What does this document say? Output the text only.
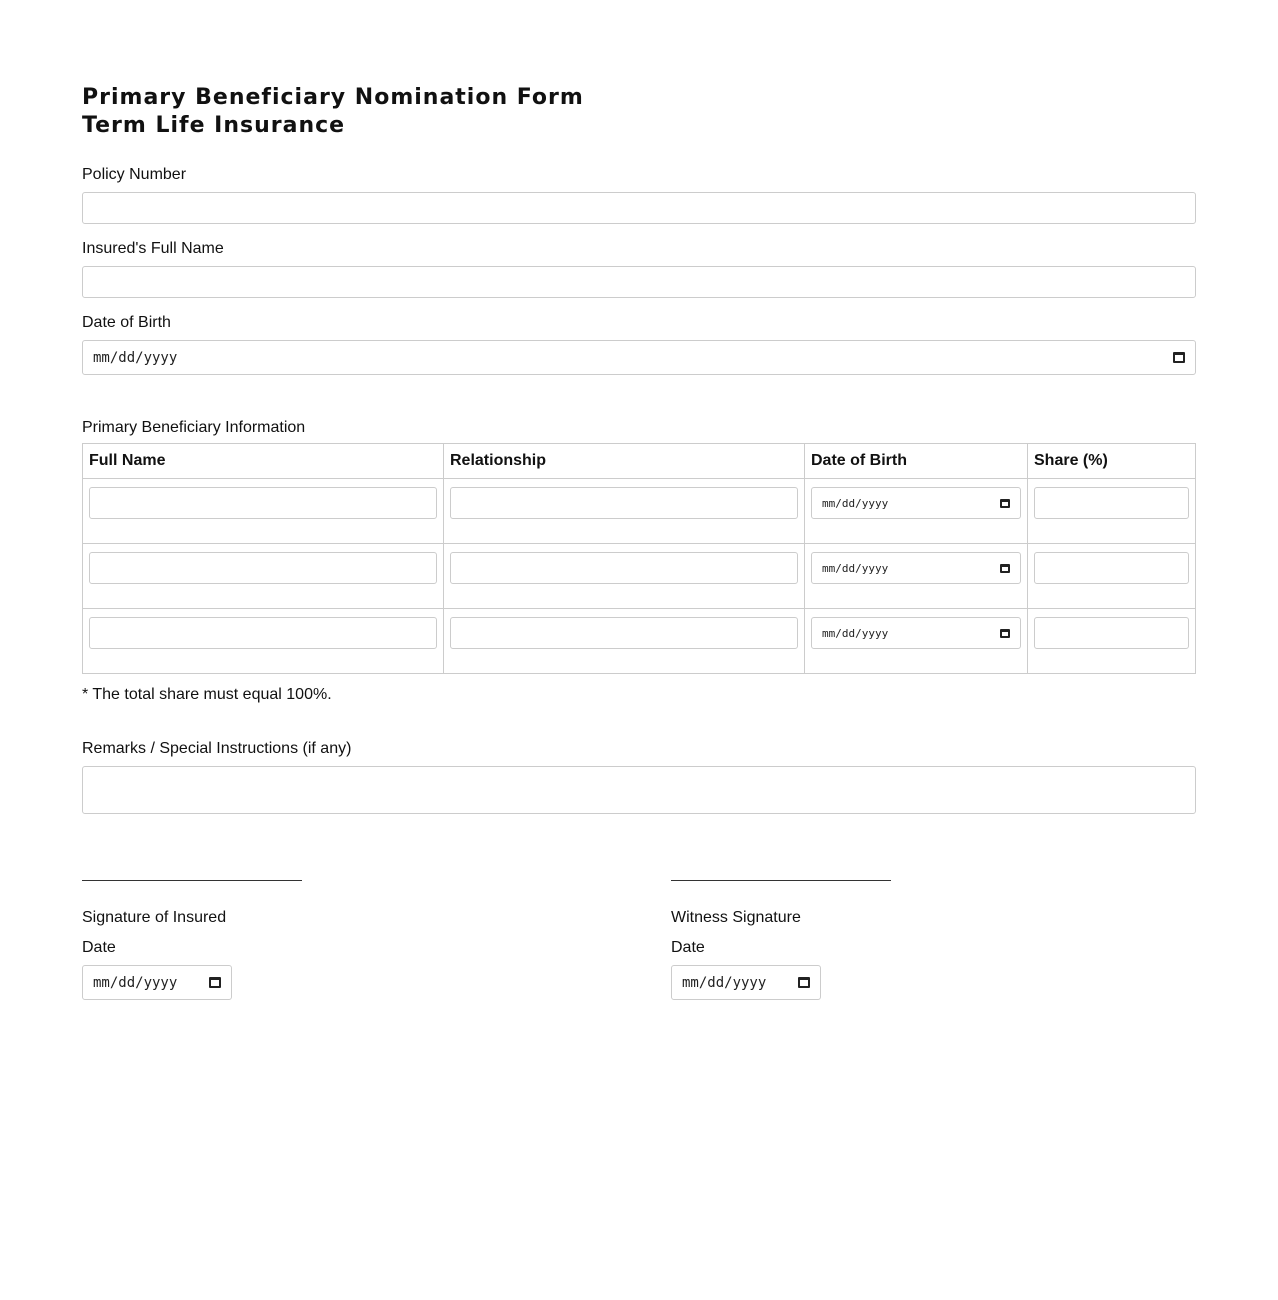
Primary Beneficiary Nomination Form
Term Life Insurance
Policy Number
Insured's Full Name
Date of Birth
mm/dd/yyyy
Primary Beneficiary Information
Full Name	Relationship	Date of Birth	Share (%)

		mm/dd/yyyy	

		mm/dd/yyyy	

		mm/dd/yyyy	

* The total share must equal 100%.
Remarks / Special Instructions (if any)
Signature of Insured
Date
mm/dd/yyyy
Witness Signature
Date
mm/dd/yyyy
